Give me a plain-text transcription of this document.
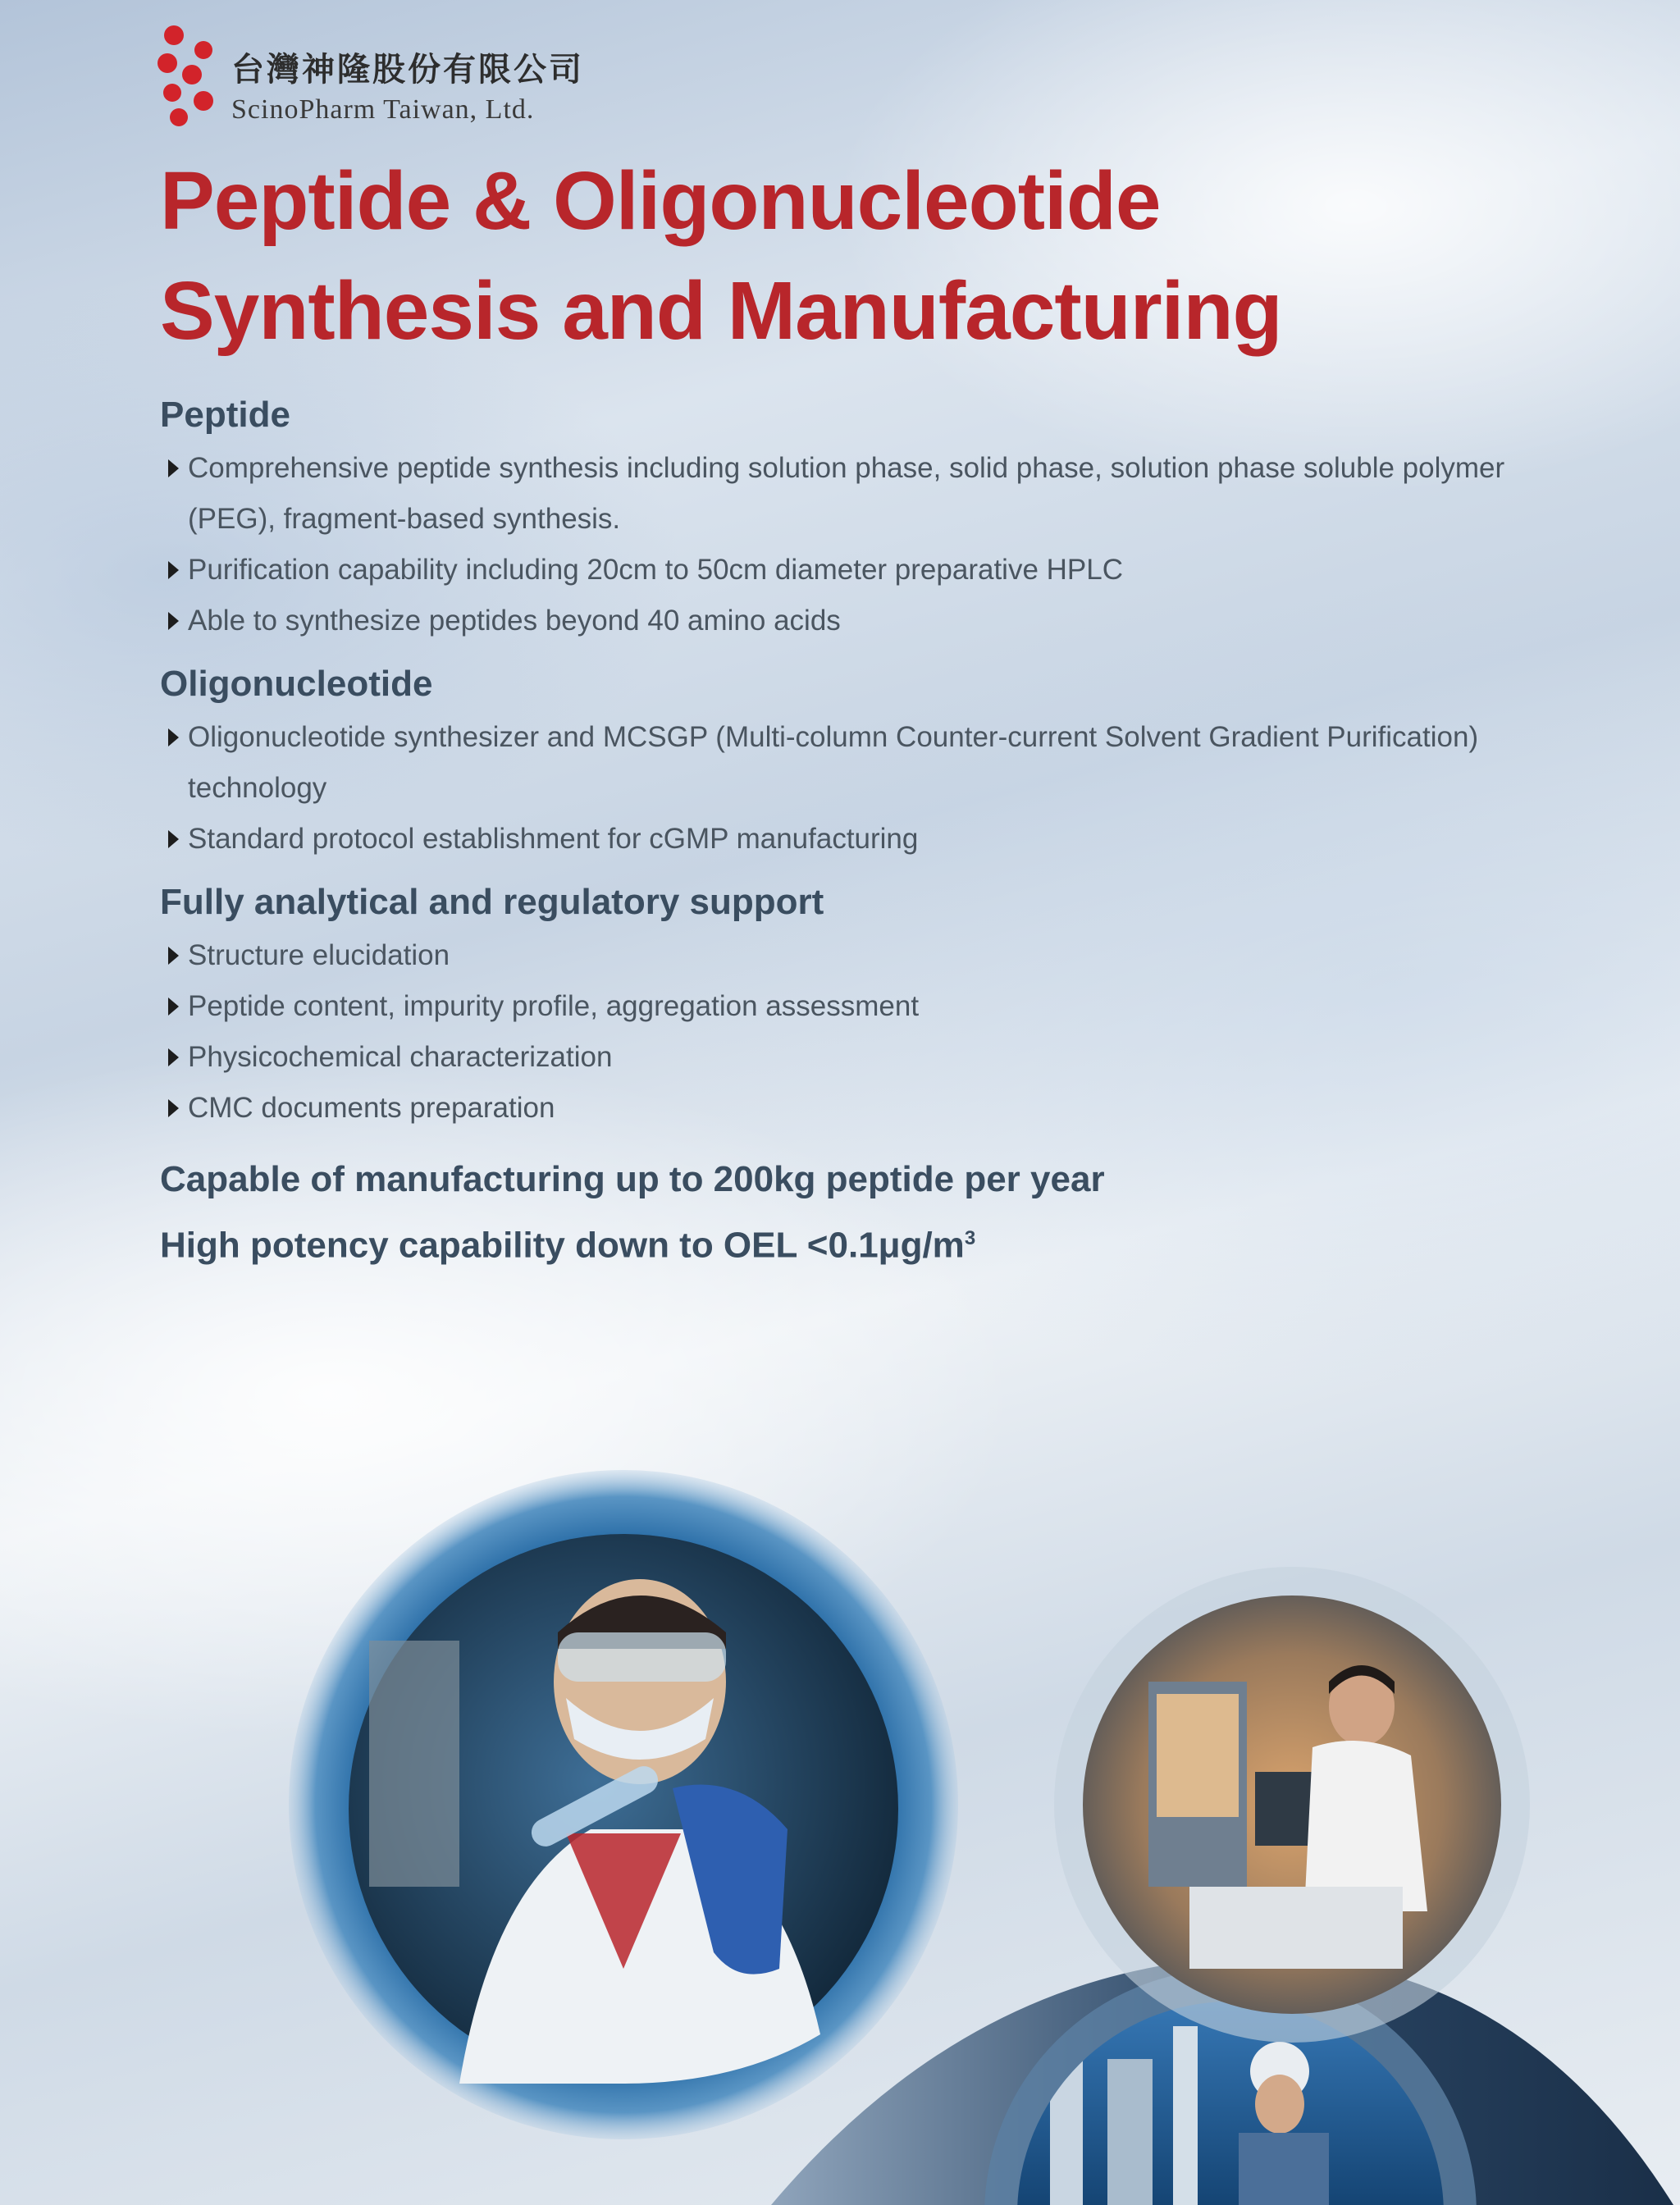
台灣神隆股份有限公司
ScinoPharm Taiwan, Ltd.
Peptide & Oligonucleotide
Synthesis and Manufacturing
Peptide
Comprehensive peptide synthesis including solution phase, solid phase, solution phase soluble polymer (PEG), fragment-based synthesis.
Purification capability including 20cm to 50cm diameter preparative HPLC
Able to synthesize peptides beyond 40 amino acids
Oligonucleotide
Oligonucleotide synthesizer and MCSGP (Multi-column Counter-current Solvent Gradient Purification) technology
Standard protocol establishment for cGMP manufacturing
Fully analytical and regulatory support
Structure elucidation
Peptide content, impurity profile, aggregation assessment
Physicochemical characterization
CMC documents preparation
Capable of manufacturing up to 200kg peptide per year
High potency capability down to OEL $<0.1\mu g/m^3$
